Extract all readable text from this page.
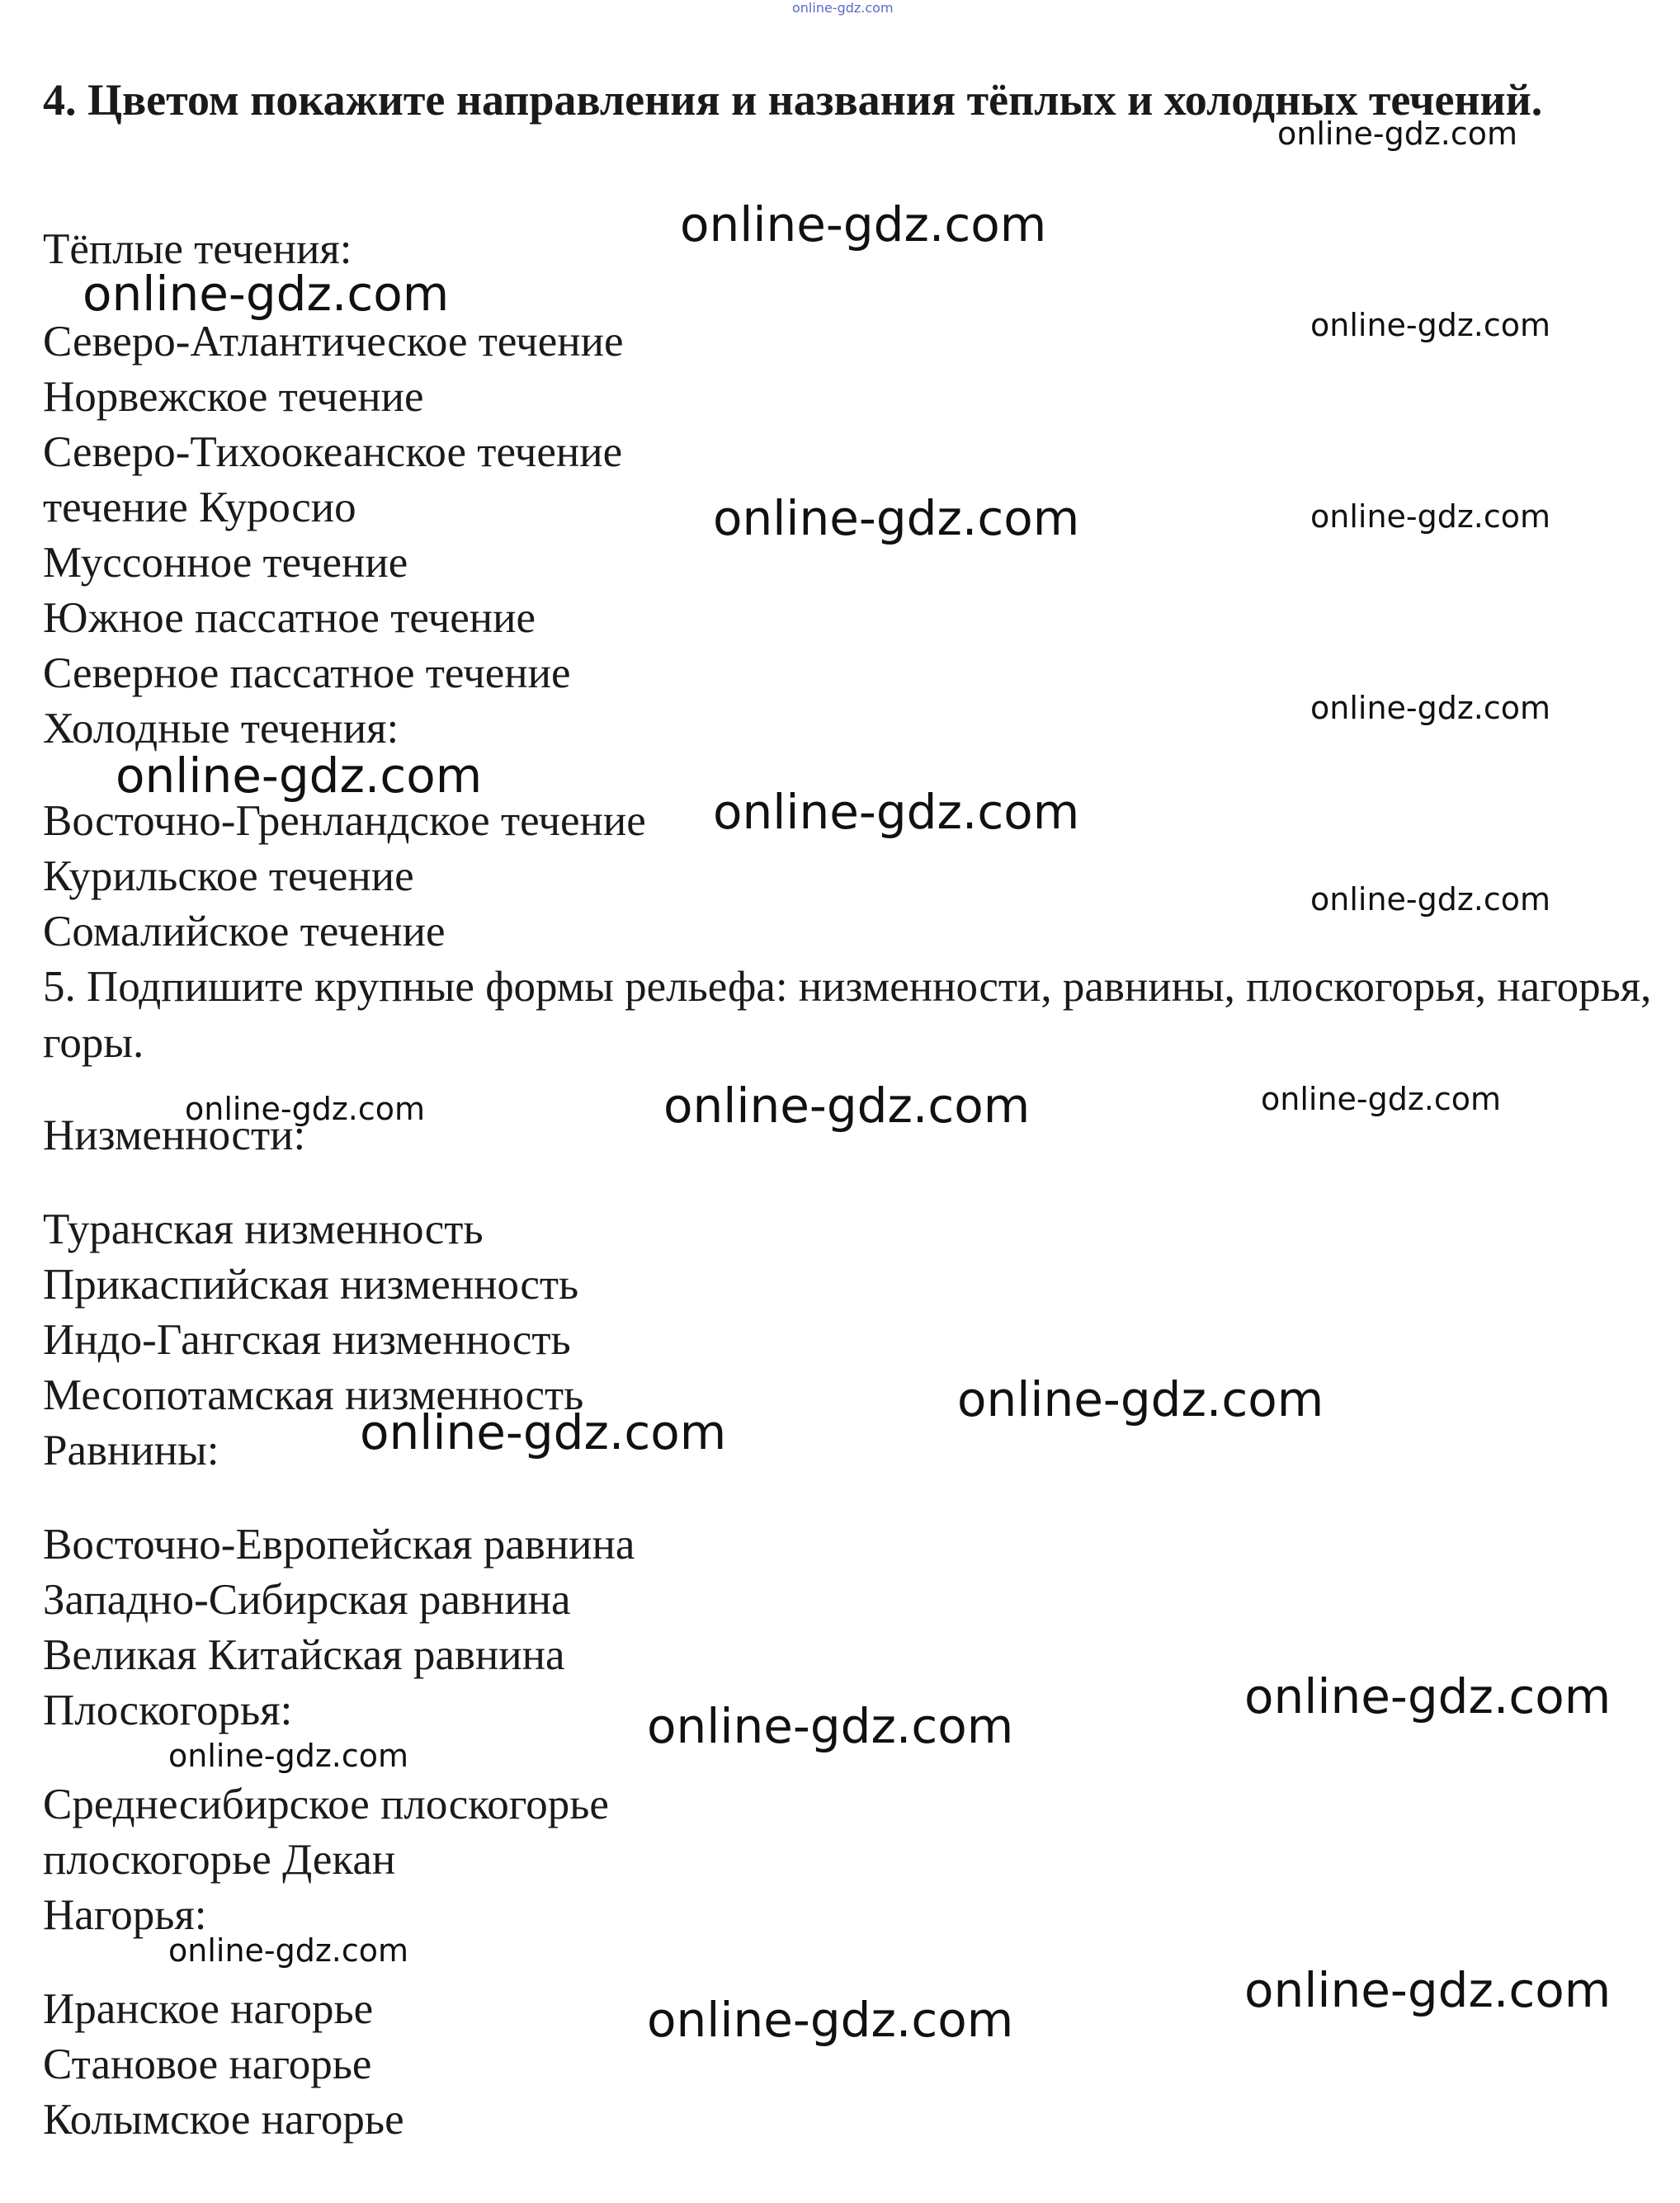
online-gdz.com
4. Цветом покажите направления и названия тёплых и холодных течений.
Тёплые течения:
Северо-Атлантическое течение
Норвежское течение
Северо-Тихоокеанское течение
течение Куросио
Муссонное течение
Южное пассатное течение
Северное пассатное течение
Холодные течения:
Восточно-Гренландское течение
Курильское течение
Сомалийское течение
5. Подпишите крупные формы рельефа: низменности, равнины, плоскогорья, нагорья, горы.
Низменности:
Туранская низменность
Прикаспийская низменность
Индо-Гангская низменность
Месопотамская низменность
Равнины:
Восточно-Европейская равнина
Западно-Сибирская равнина
Великая Китайская равнина
Плоскогорья:
Среднесибирское плоскогорье
плоскогорье Декан
Нагорья:
Иранское нагорье
Становое нагорье
Колымское нагорье
online-gdz.com
online-gdz.com
online-gdz.com
online-gdz.com
online-gdz.com	online-gdz.com
online-gdz.com
online-gdz.com
online-gdz.com
online-gdz.com
online-gdz.com
online-gdz.com	online-gdz.com
online-gdz.com
online-gdz.com
online-gdz.com
online-gdz.com
online-gdz.com
online-gdz.com
online-gdz.com
online-gdz.com
